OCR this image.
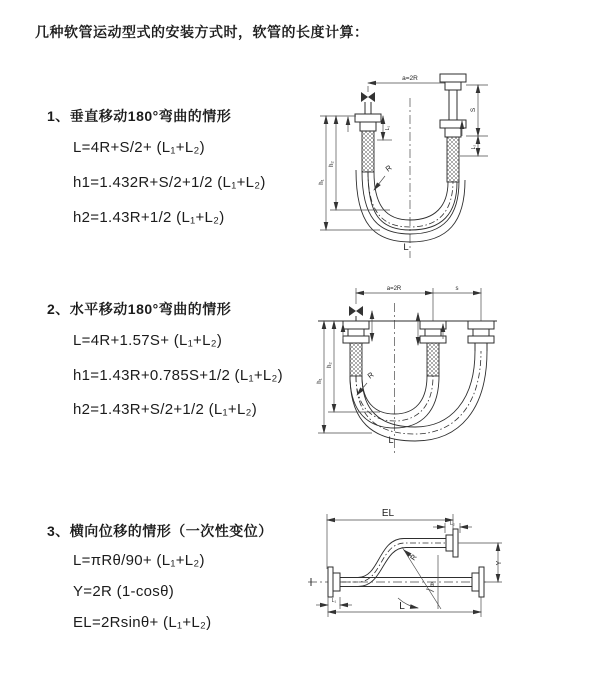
几种软管运动型式的安装方式时，软管的长度计算：
1、垂直移动180°弯曲的情形
L=4R+S/2+ (L₁+L₂)
h1=1.432R+S/2+1/2 (L₁+L₂)
h2=1.43R+1/2 (L₁+L₂)
2、水平移动180°弯曲的情形
L=4R+1.57S+ (L₁+L₂)
h1=1.43R+0.785S+1/2 (L₁+L₂)
h2=1.43R+S/2+1/2 (L₁+L₂)
3、横向位移的情形（一次性变位）
L=πRθ/90+ (L₁+L₂)
Y=2R (1-cosθ)
EL=2Rsinθ+ (L₁+L₂)
a=2R
h₁
h₂
L₁
S
L₂
R
L
a=2R	s
h₁
h₂
R
L
EL
L₂
θ
R
Y
L₁	L
